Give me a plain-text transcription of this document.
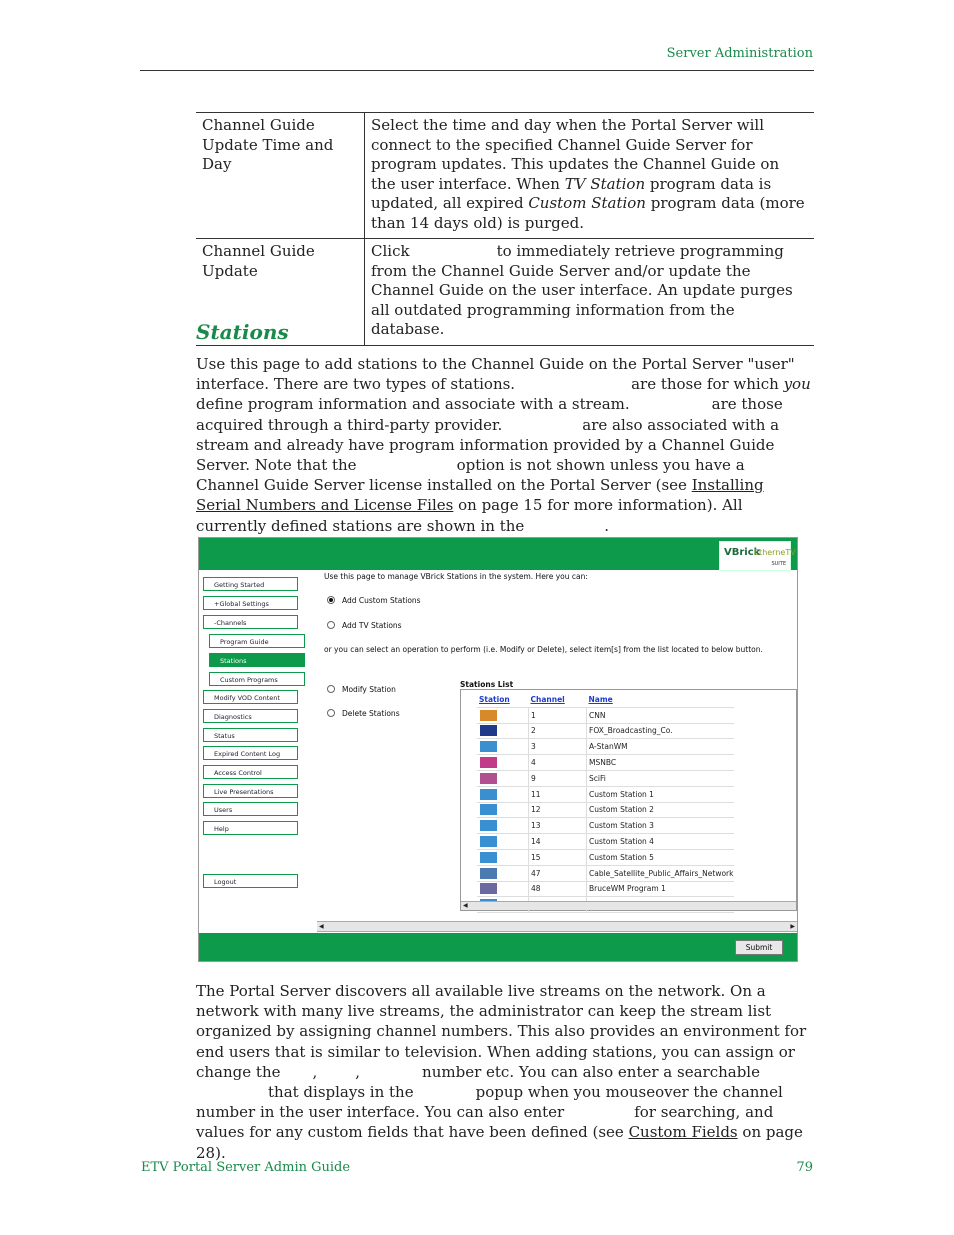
Server Administration
Channel Guide Update Time and Day	Select the time and day when the Portal Server will connect to the specified Channel Guide Server for program updates. This updates the Channel Guide on the user interface. When TV Station program data is updated, all expired Custom Station program data (more than 14 days old) is purged.
Channel Guide Update	Click to immediately retrieve programming from the Channel Guide Server and/or update the Channel Guide on the user interface. An update purges all outdated programming information from the database.
Stations
Use this page to add stations to the Channel Guide on the Portal Server "user" interface. There are two types of stations.	are those for which you define program information and associate with a stream.	are those acquired through a third-party provider.	are also associated with a stream and already have program information provided by a Channel Guide Server. Note that the	option is not shown unless you have a Channel Guide Server license installed on the Portal Server (see Installing Serial Numbers and License Files on page 15 for more information). All currently defined stations are shown in the	.
VBrick
EtherneTV
SUITE
Getting Started
+Global Settings
-Channels
Program Guide
Stations
Custom Programs
Modify VOD Content
Diagnostics
Status
Expired Content Log
Access Control
Live Presentations
Users
Help
Logout
Use this page to manage VBrick Stations in the system. Here you can:
Add Custom Stations
Add TV Stations
or you can select an operation to perform (i.e. Modify or Delete), select item[s] from the list located to below button.
Modify Station
Delete Stations
Stations List
Station	Channel	Name
	1	CNN
	2	FOX_Broadcasting_Co.
	3	A-StanWM
	4	MSNBC
	9	SciFi
	11	Custom Station 1
	12	Custom Station 2
	13	Custom Station 3
	14	Custom Station 4
	15	Custom Station 5
	47	Cable_Satellite_Public_Affairs_Network
	48	BruceWM Program 1

◀
◀	▶
Submit
The Portal Server discovers all available live streams on the network. On a network with many live streams, the administrator can keep the stream list organized by assigning channel numbers. This also provides an environment for end users that is similar to television. When adding stations, you can assign or change the ,	,	number etc. You can also enter a searchablethat displays in the	popup when you mouseover the channel number in the user interface. You can also enter	for searching, and values for any custom fields that have been defined (see Custom Fields on page 28).
ETV Portal Server Admin Guide	79
